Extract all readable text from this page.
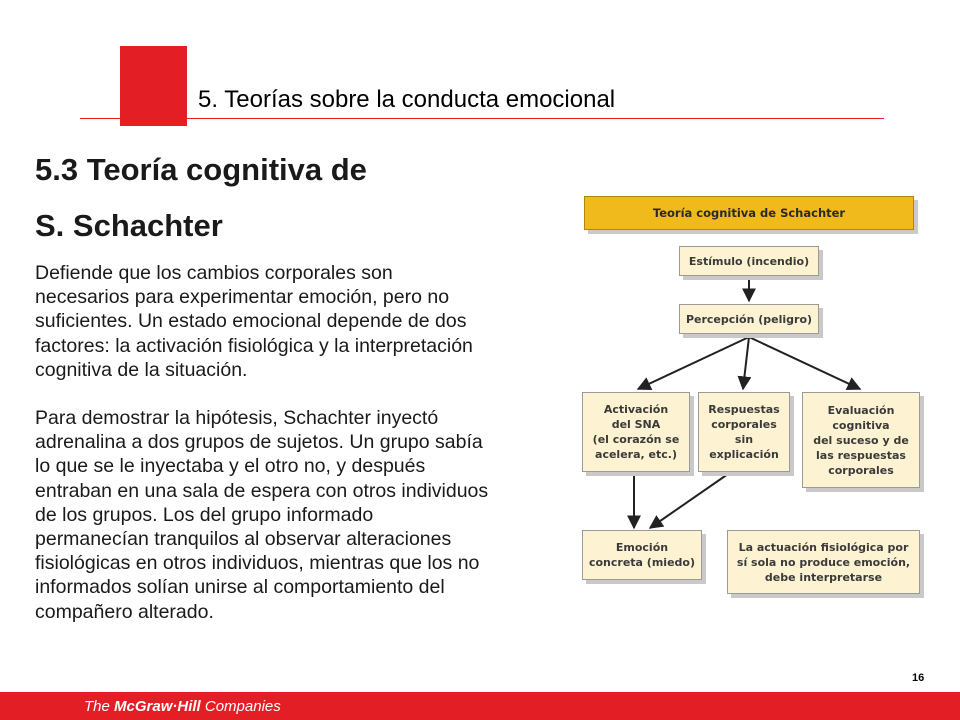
5. Teorías sobre la conducta emocional
5.3 Teoría cognitiva de
S. Schachter

Defiende que los cambios corporales son
necesarios para experimentar emoción, pero no
suficientes. Un estado emocional depende de dos
factores: la activación fisiológica y la interpretación
cognitiva de la situación.

Para demostrar la hipótesis, Schachter inyectó
adrenalina a dos grupos de sujetos. Un grupo sabía
lo que se le inyectaba y el otro no, y después
entraban en una sala de espera con otros individuos
de los grupos. Los del grupo informado
permanecían tranquilos al observar alteraciones
fisiológicas en otros individuos, mientras que los no
informados solían unirse al comportamiento del
compañero alterado.

Teoría cognitiva de Schachter
Estímulo (incendio)
Percepción (peligro)
Activación
del SNA
(el corazón se
acelera, etc.)
Respuestas
corporales
sin
explicación
Evaluación
cognitiva
del suceso y de
las respuestas
corporales
Emoción
concreta (miedo)
La actuación fisiológica por
sí sola no produce emoción,
debe interpretarse
16
The McGraw·Hill Companies
